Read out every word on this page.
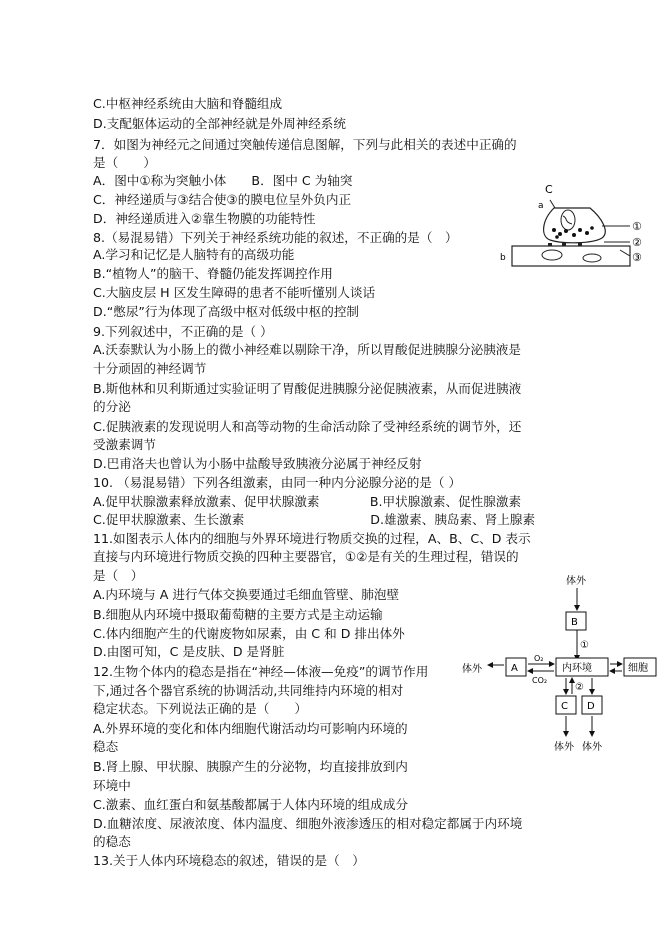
C.中枢神经系统由大脑和脊髓组成
D.支配躯体运动的全部神经就是外周神经系统
7．如图为神经元之间通过突触传递信息图解，下列与此相关的表述中正确的
是（　　）
A．图中①称为突触小体　　B．图中 C 为轴突
C．神经递质与③结合使③的膜电位呈外负内正
D．神经递质进入②靠生物膜的功能特性
8.（易混易错）下列关于神经系统功能的叙述，不正确的是（　）
A.学习和记忆是人脑特有的高级功能
B.“植物人”的脑干、脊髓仍能发挥调控作用
C.大脑皮层 H 区发生障碍的患者不能听懂别人谈话
D.“憋尿”行为体现了高级中枢对低级中枢的控制
9.下列叙述中，不正确的是（ ）
A.沃泰默认为小肠上的微小神经难以剔除干净，所以胃酸促进胰腺分泌胰液是
十分顽固的神经调节
B.斯他林和贝利斯通过实验证明了胃酸促进胰腺分泌促胰液素，从而促进胰液
的分泌
C.促胰液素的发现说明人和高等动物的生命活动除了受神经系统的调节外，还
受激素调节
D.巴甫洛夫也曾认为小肠中盐酸导致胰液分泌属于神经反射
10. （易混易错）下列各组激素，由同一种内分泌腺分泌的是（ ）
A.促甲状腺激素释放激素、促甲状腺激素　　　　B.甲状腺激素、促性腺激素
C.促甲状腺激素、生长激素　　　　　　　　　　D.雄激素、胰岛素、肾上腺素
11.如图表示人体内的细胞与外界环境进行物质交换的过程，A、B、C、D 表示
直接与内环境进行物质交换的四种主要器官，①②是有关的生理过程，错误的
是（　）
A.内环境与 A 进行气体交换要通过毛细血管壁、肺泡壁
B.细胞从内环境中摄取葡萄糖的主要方式是主动运输
C.体内细胞产生的代谢废物如尿素，由 C 和 D 排出体外
D.由图可知，C 是皮肤、D 是肾脏
12.生物个体内的稳态是指在“神经—体液—免疫”的调节作用
下,通过各个器官系统的协调活动,共同维持内环境的相对
稳定状态。下列说法正确的是（　　）
A.外界环境的变化和体内细胞代谢活动均可影响内环境的
稳态
B.肾上腺、甲状腺、胰腺产生的分泌物，均直接排放到内
环境中
C.激素、血红蛋白和氨基酸都属于人体内环境的组成成分
D.血糖浓度、尿液浓度、体内温度、细胞外液渗透压的相对稳定都属于内环境
的稳态
13.关于人体内环境稳态的叙述，错误的是（　）
C
a
b
①
②
③
体外
B
①
体外	A
O₂
CO₂
内环境	细胞
②
C D
体外 体外
